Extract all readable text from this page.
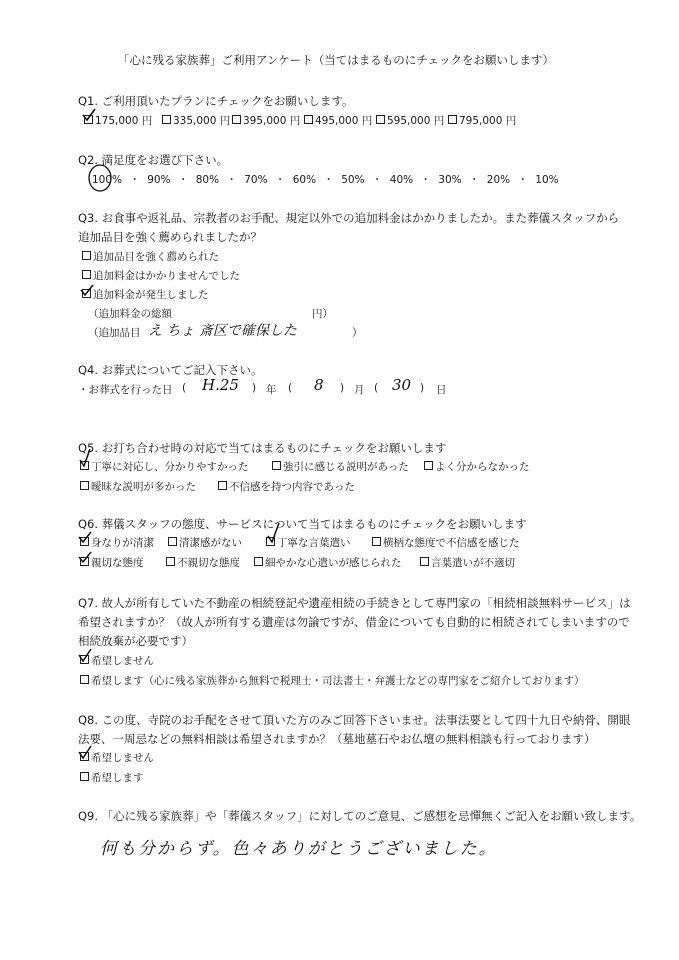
「心に残る家族葬」ご利用アンケート（当てはまるものにチェックをお願いします）
Q1. ご利用頂いたプランにチェックをお願いします。
175,000 円	335,000 円	395,000 円	495,000 円	595,000 円	795,000 円
Q2. 満足度をお選び下さい。
100% ・ 90% ・ 80% ・ 70% ・ 60% ・ 50% ・ 40% ・ 30% ・ 20% ・ 10%
Q3. お食事や返礼品、宗教者のお手配、規定以外での追加料金はかかりましたか。また葬儀スタッフから
追加品目を強く薦められましたか？
追加品目を強く薦められた
追加料金はかかりませんでした
追加料金が発生しました
（追加料金の総額	円）
（追加品目 え ちょ 斎区で確保した	）
Q4. お葬式についてご記入下さい。
・お葬式を行った日 ( H.25 ) 年 ( 8 ) 月 ( 30 ) 日
Q5. お打ち合わせ時の対応で当てはまるものにチェックをお願いします
丁寧に対応し、分かりやすかった	強引に感じる説明があった	よく分からなかった
曖昧な説明が多かった	不信感を持つ内容であった
Q6. 葬儀スタッフの態度、サービスについて当てはまるものにチェックをお願いします
身なりが清潔	清潔感がない	丁寧な言葉遣い	横柄な態度で不信感を感じた
親切な態度	不親切な態度	細やかな心遣いが感じられた	言葉遣いが不適切
Q7. 故人が所有していた不動産の相続登記や遺産相続の手続きとして専門家の「相続相談無料サービス」は
希望されますか？（故人が所有する遺産は勿論ですが、借金についても自動的に相続されてしまいますので
相続放棄が必要です）
希望しません
希望します（心に残る家族葬から無料で税理士・司法書士・弁護士などの専門家をご紹介しております）
Q8. この度、寺院のお手配をさせて頂いた方のみご回答下さいませ。法事法要として四十九日や納骨、開眼
法要、一周忌などの無料相談は希望されますか？（墓地墓石やお仏壇の無料相談も行っております）
希望しません
希望します
Q9. 「心に残る家族葬」や「葬儀スタッフ」に対してのご意見、ご感想を忌憚無くご記入をお願い致します。
何も分からず。色々ありがとうございました。
